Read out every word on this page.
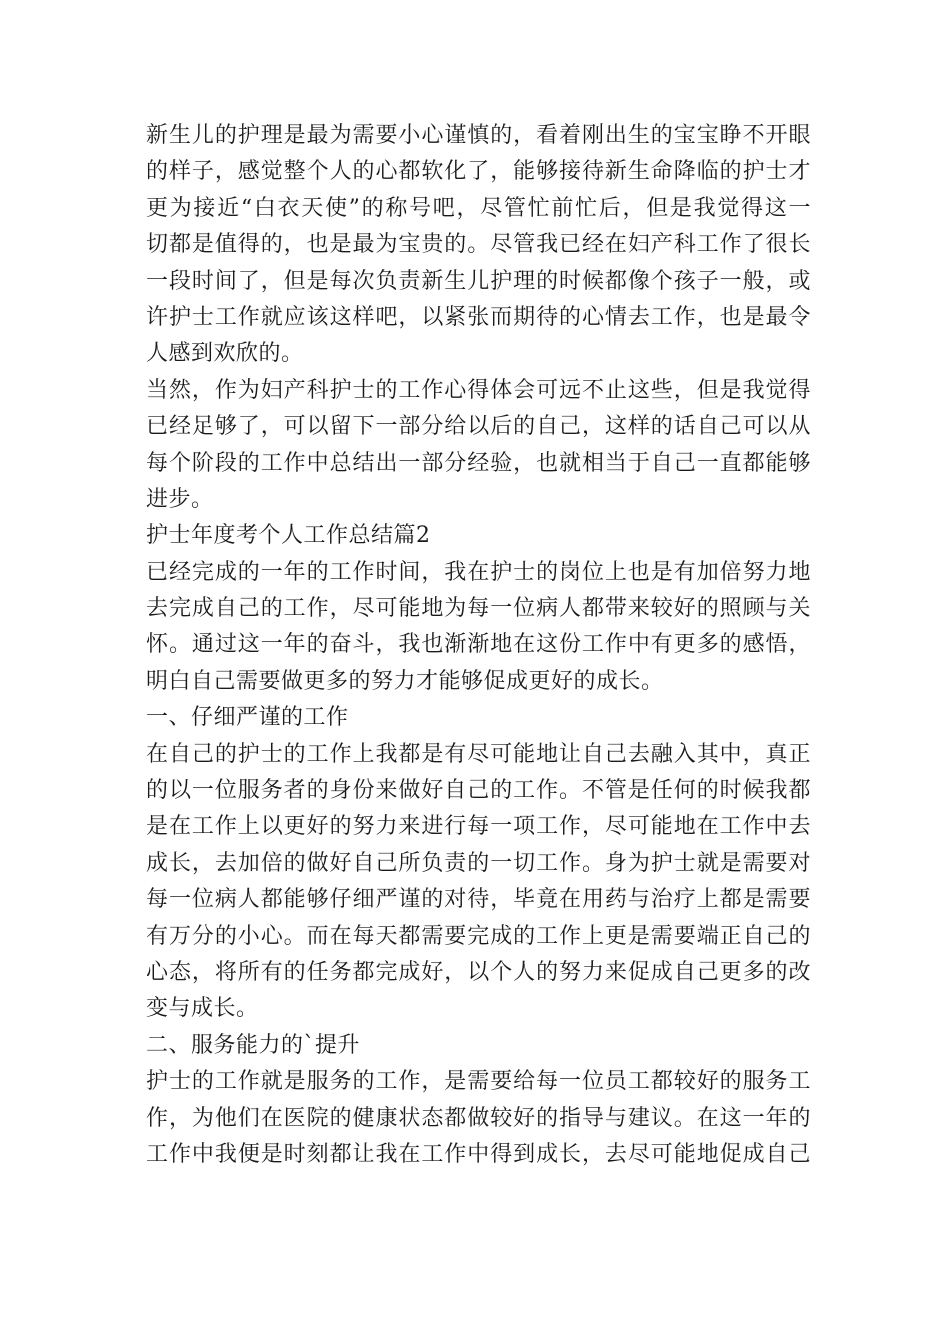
新生儿的护理是最为需要小心谨慎的，看着刚出生的宝宝睁不开眼
的样子，感觉整个人的心都软化了，能够接待新生命降临的护士才
更为接近“白衣天使”的称号吧，尽管忙前忙后，但是我觉得这一
切都是值得的，也是最为宝贵的。尽管我已经在妇产科工作了很长
一段时间了，但是每次负责新生儿护理的时候都像个孩子一般，或
许护士工作就应该这样吧，以紧张而期待的心情去工作，也是最令
人感到欢欣的。
当然，作为妇产科护士的工作心得体会可远不止这些，但是我觉得
已经足够了，可以留下一部分给以后的自己，这样的话自己可以从
每个阶段的工作中总结出一部分经验，也就相当于自己一直都能够
进步。
护士年度考个人工作总结篇2
已经完成的一年的工作时间，我在护士的岗位上也是有加倍努力地
去完成自己的工作，尽可能地为每一位病人都带来较好的照顾与关
怀。通过这一年的奋斗，我也渐渐地在这份工作中有更多的感悟，
明白自己需要做更多的努力才能够促成更好的成长。
一、仔细严谨的工作
在自己的护士的工作上我都是有尽可能地让自己去融入其中，真正
的以一位服务者的身份来做好自己的工作。不管是任何的时候我都
是在工作上以更好的努力来进行每一项工作，尽可能地在工作中去
成长，去加倍的做好自己所负责的一切工作。身为护士就是需要对
每一位病人都能够仔细严谨的对待，毕竟在用药与治疗上都是需要
有万分的小心。而在每天都需要完成的工作上更是需要端正自己的
心态，将所有的任务都完成好，以个人的努力来促成自己更多的改
变与成长。
二、服务能力的`提升
护士的工作就是服务的工作，是需要给每一位员工都较好的服务工
作，为他们在医院的健康状态都做较好的指导与建议。在这一年的
工作中我便是时刻都让我在工作中得到成长，去尽可能地促成自己
